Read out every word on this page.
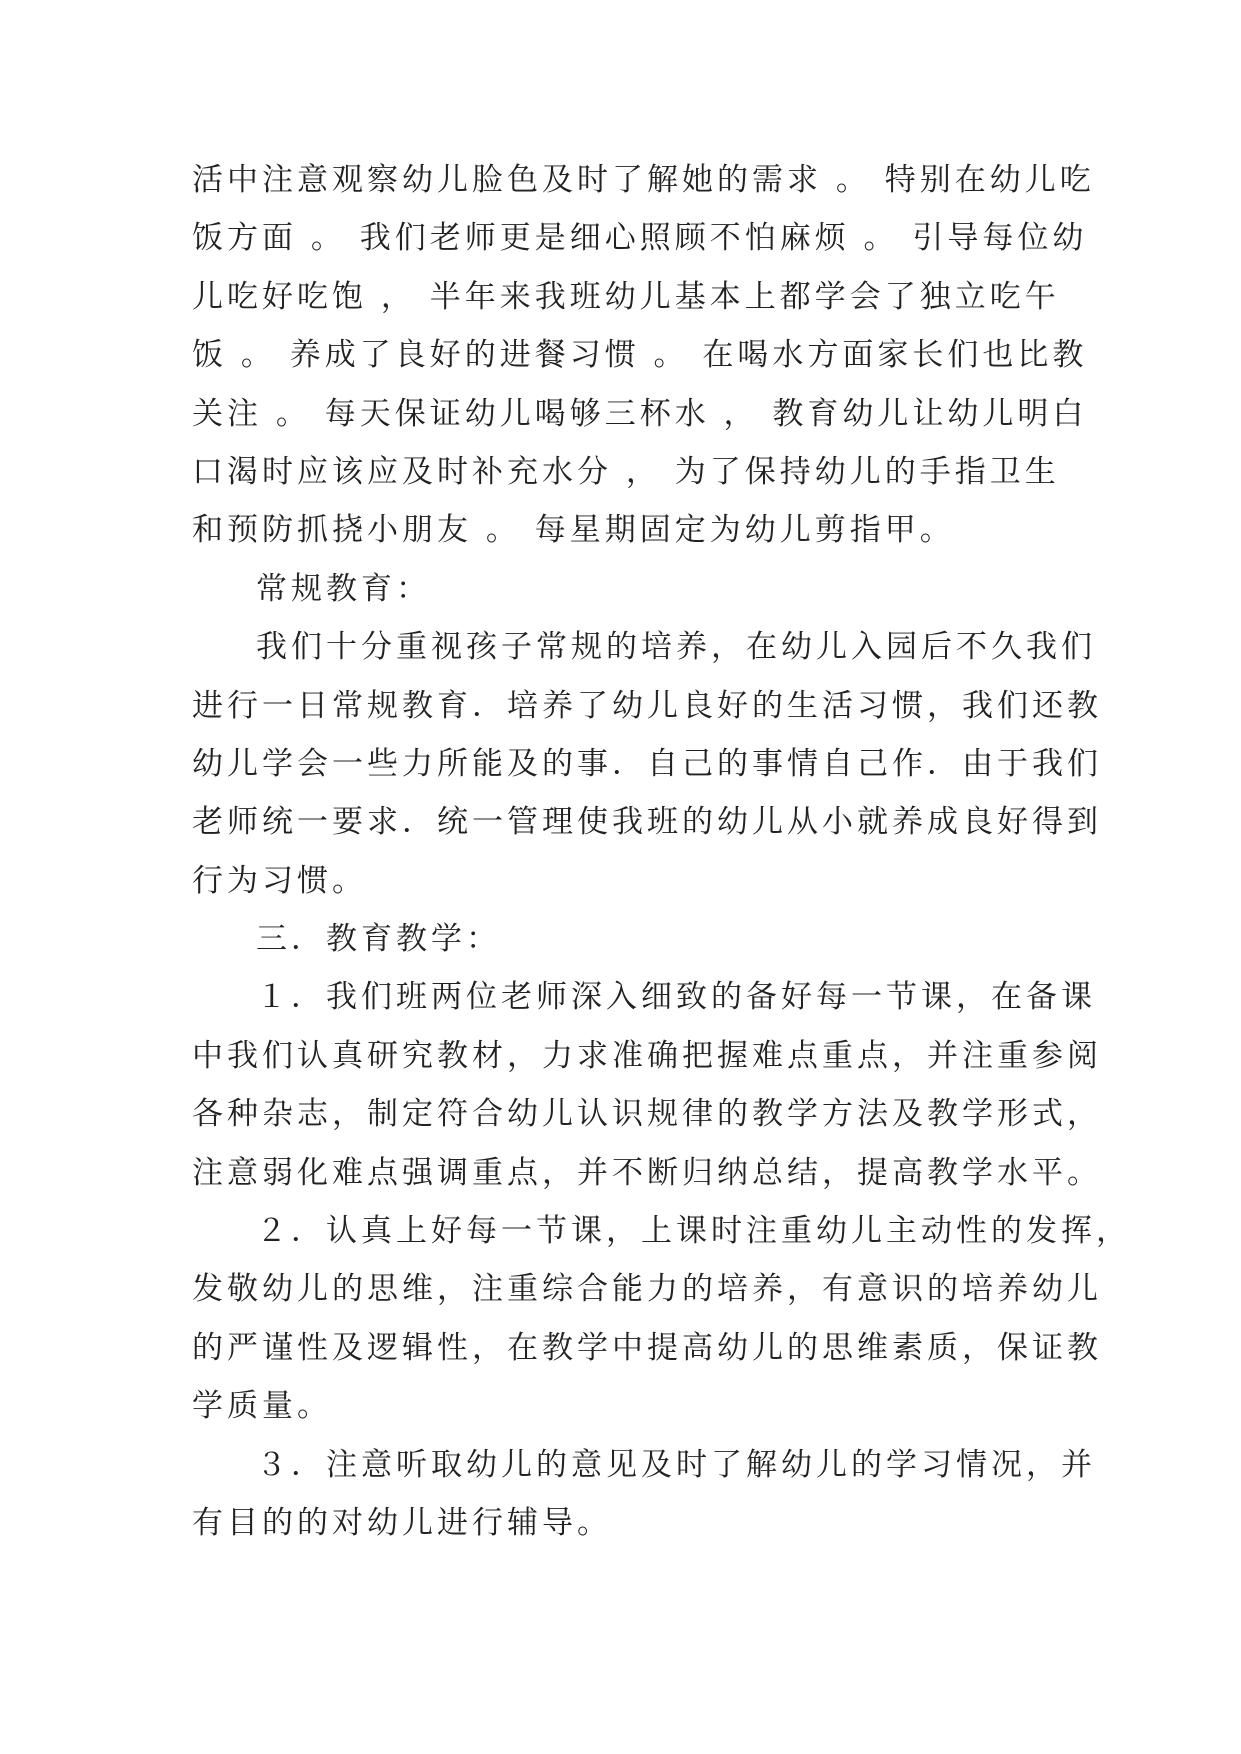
活中注意观察幼儿脸色及时了解她的需求 。 特别在幼儿吃
饭方面 。 我们老师更是细心照顾不怕麻烦 。 引导每位幼
儿吃好吃饱 ， 半年来我班幼儿基本上都学会了独立吃午
饭 。 养成了良好的进餐习惯 。 在喝水方面家长们也比教
关注 。 每天保证幼儿喝够三杯水 ， 教育幼儿让幼儿明白
口渴时应该应及时补充水分 ， 为了保持幼儿的手指卫生
和预防抓挠小朋友 。 每星期固定为幼儿剪指甲。
常规教育：
我们十分重视孩子常规的培养，在幼儿入园后不久我们
进行一日常规教育．培养了幼儿良好的生活习惯，我们还教
幼儿学会一些力所能及的事．自己的事情自己作．由于我们
老师统一要求．统一管理使我班的幼儿从小就养成良好得到
行为习惯。
三．教育教学：
１．我们班两位老师深入细致的备好每一节课，在备课
中我们认真研究教材，力求准确把握难点重点，并注重参阅
各种杂志，制定符合幼儿认识规律的教学方法及教学形式，
注意弱化难点强调重点，并不断归纳总结，提高教学水平。
２．认真上好每一节课，上课时注重幼儿主动性的发挥，
发敬幼儿的思维，注重综合能力的培养，有意识的培养幼儿
的严谨性及逻辑性，在教学中提高幼儿的思维素质，保证教
学质量。
３．注意听取幼儿的意见及时了解幼儿的学习情况，并
有目的的对幼儿进行辅导。
